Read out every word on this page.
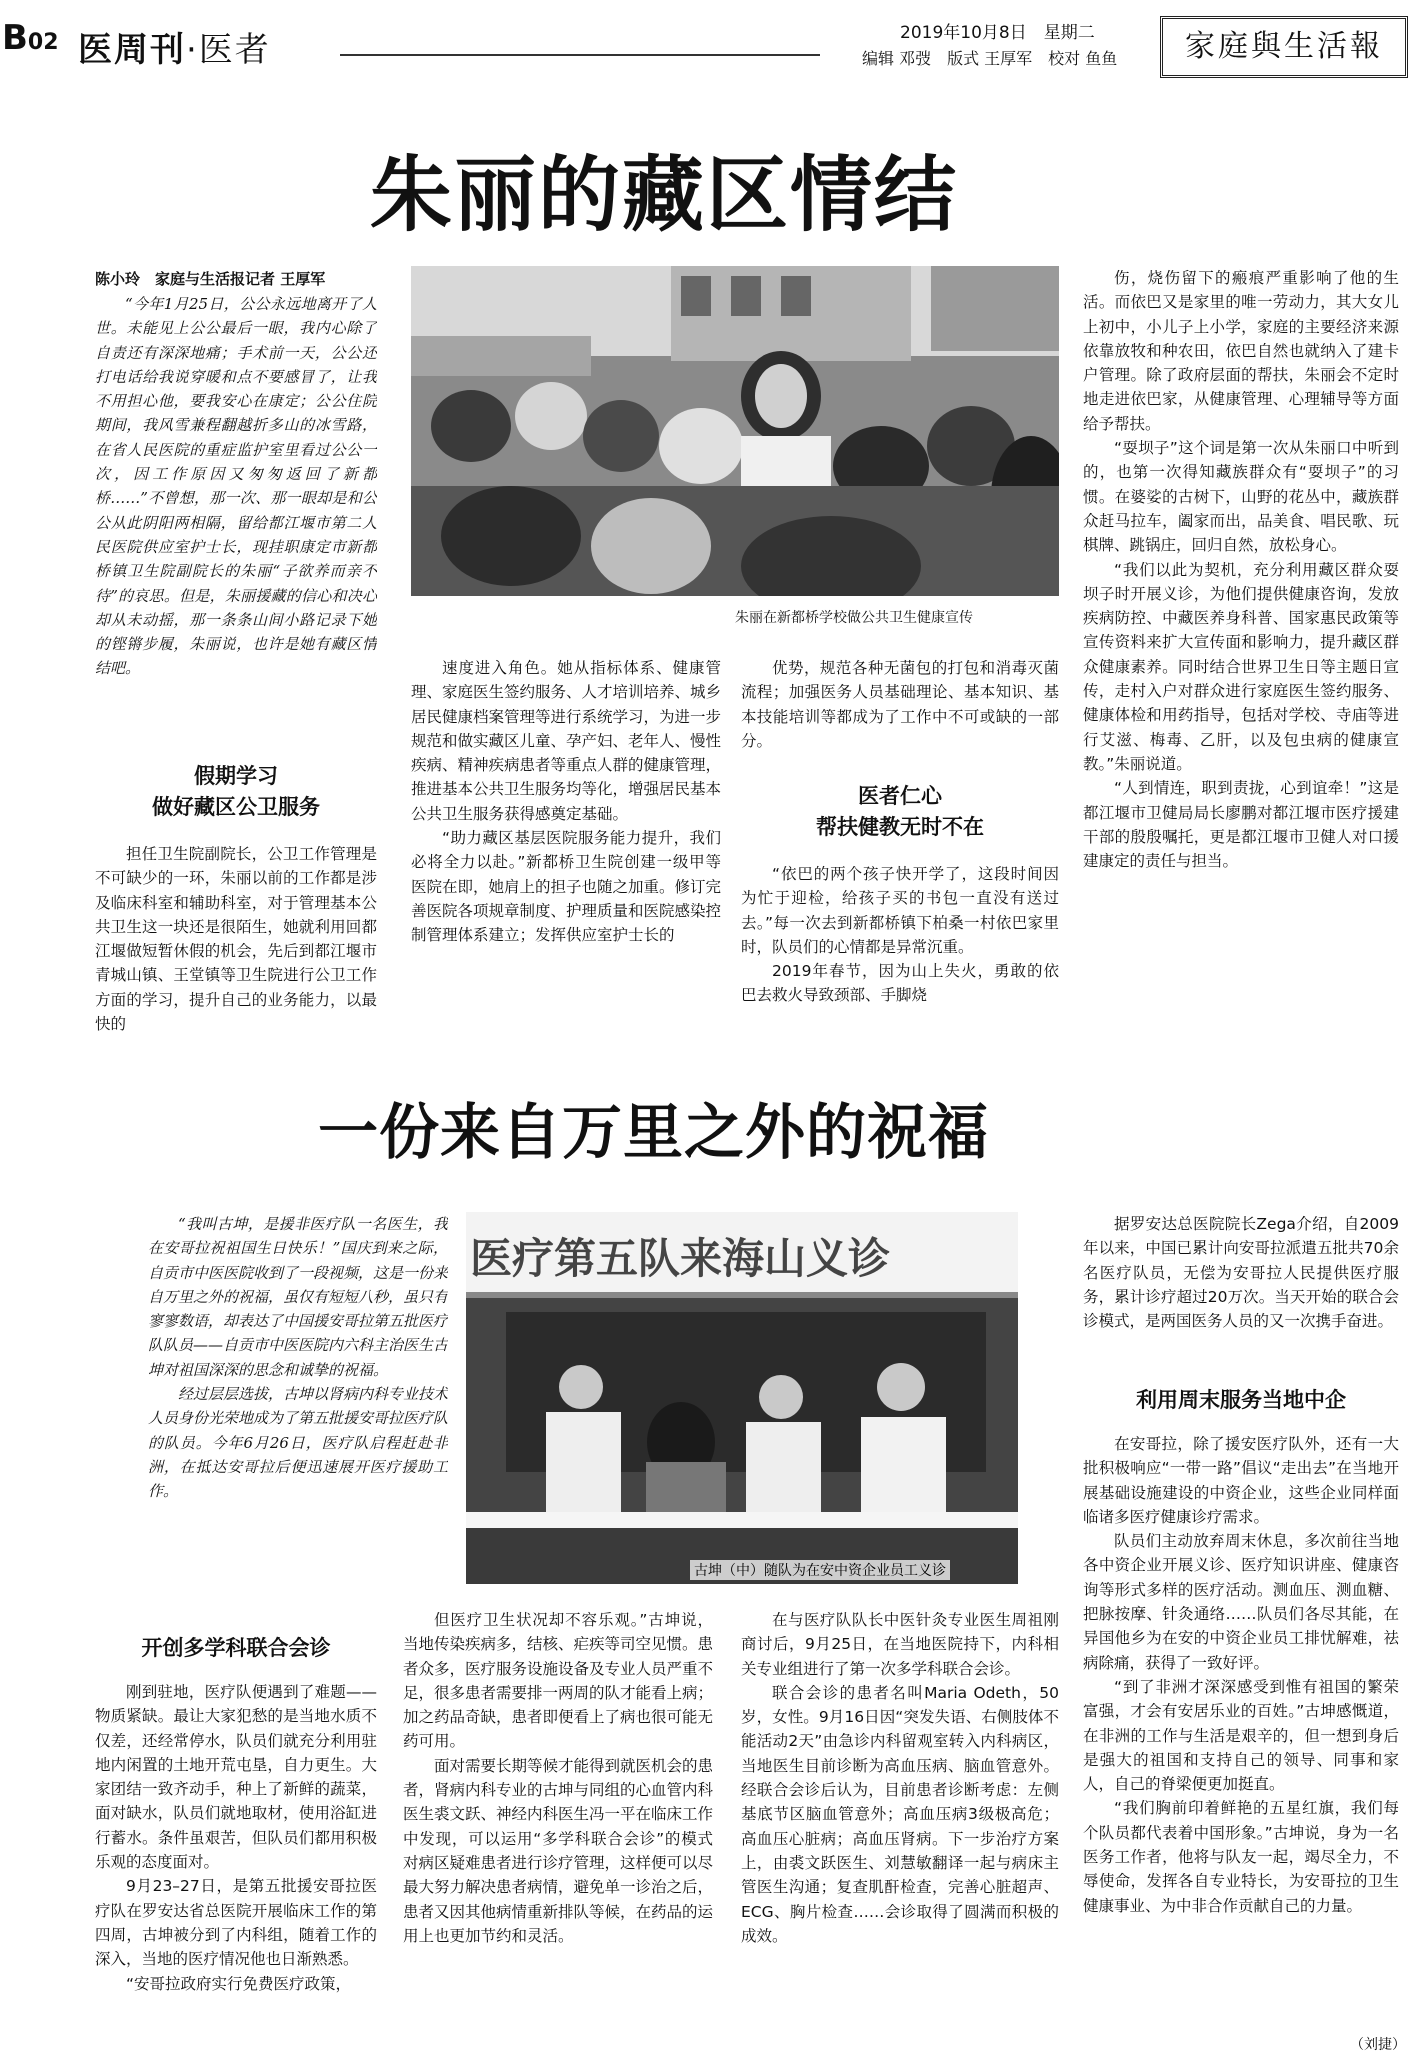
B02 医周刊·医者	2019年10月8日　星期二
编辑 邓弢　版式 王厚军　校对 鱼鱼	家庭與生活報
朱丽的藏区情结
陈小玲　家庭与生活报记者 王厚军

“今年1月25日，公公永远地离开了人世。未能见上公公最后一眼，我内心除了自责还有深深地痛；手术前一天，公公还打电话给我说穿暖和点不要感冒了，让我不用担心他，要我安心在康定；公公住院期间，我风雪兼程翻越折多山的冰雪路，在省人民医院的重症监护室里看过公公一次，因工作原因又匆匆返回了新都桥……”不曾想，那一次、那一眼却是和公公从此阴阳两相隔，留给都江堰市第二人民医院供应室护士长，现挂职康定市新都桥镇卫生院副院长的朱丽“子欲养而亲不待”的哀思。但是，朱丽援藏的信心和决心却从未动摇，那一条条山间小路记录下她的铿锵步履，朱丽说，也许是她有藏区情结吧。

假期学习
做好藏区公卫服务

担任卫生院副院长，公卫工作管理是不可缺少的一环，朱丽以前的工作都是涉及临床科室和辅助科室，对于管理基本公共卫生这一块还是很陌生，她就利用回都江堰做短暂休假的机会，先后到都江堰市青城山镇、王堂镇等卫生院进行公卫工作方面的学习，提升自己的业务能力，以最快的

朱丽在新都桥学校做公共卫生健康宣传

速度进入角色。她从指标体系、健康管理、家庭医生签约服务、人才培训培养、城乡居民健康档案管理等进行系统学习，为进一步规范和做实藏区儿童、孕产妇、老年人、慢性疾病、精神疾病患者等重点人群的健康管理，推进基本公共卫生服务均等化，增强居民基本公共卫生服务获得感奠定基础。

“助力藏区基层医院服务能力提升，我们必将全力以赴。”新都桥卫生院创建一级甲等医院在即，她肩上的担子也随之加重。修订完善医院各项规章制度、护理质量和医院感染控制管理体系建立；发挥供应室护士长的

优势，规范各种无菌包的打包和消毒灭菌流程；加强医务人员基础理论、基本知识、基本技能培训等都成为了工作中不可或缺的一部分。

医者仁心
帮扶健教无时不在

“依巴的两个孩子快开学了，这段时间因为忙于迎检，给孩子买的书包一直没有送过去。”每一次去到新都桥镇下柏桑一村依巴家里时，队员们的心情都是异常沉重。

2019年春节，因为山上失火，勇敢的依巴去救火导致颈部、手脚烧

伤，烧伤留下的瘢痕严重影响了他的生活。而依巴又是家里的唯一劳动力，其大女儿上初中，小儿子上小学，家庭的主要经济来源依靠放牧和种农田，依巴自然也就纳入了建卡户管理。除了政府层面的帮扶，朱丽会不定时地走进依巴家，从健康管理、心理辅导等方面给予帮扶。

“耍坝子”这个词是第一次从朱丽口中听到的，也第一次得知藏族群众有“耍坝子”的习惯。在婆娑的古树下，山野的花丛中，藏族群众赶马拉车，阖家而出，品美食、唱民歌、玩棋牌、跳锅庄，回归自然，放松身心。

“我们以此为契机，充分利用藏区群众耍坝子时开展义诊，为他们提供健康咨询，发放疾病防控、中藏医养身科普、国家惠民政策等宣传资料来扩大宣传面和影响力，提升藏区群众健康素养。同时结合世界卫生日等主题日宣传，走村入户对群众进行家庭医生签约服务、健康体检和用药指导，包括对学校、寺庙等进行艾滋、梅毒、乙肝，以及包虫病的健康宣教。”朱丽说道。

“人到情连，职到责拢，心到谊牵！”这是都江堰市卫健局局长廖鹏对都江堰市医疗援建干部的殷殷嘱托，更是都江堰市卫健人对口援建康定的责任与担当。

一份来自万里之外的祝福

“我叫古坤，是援非医疗队一名医生，我在安哥拉祝祖国生日快乐！”国庆到来之际，自贡市中医医院收到了一段视频，这是一份来自万里之外的祝福，虽仅有短短八秒，虽只有寥寥数语，却表达了中国援安哥拉第五批医疗队队员——自贡市中医医院内六科主治医生古坤对祖国深深的思念和诚挚的祝福。

经过层层选拔，古坤以肾病内科专业技术人员身份光荣地成为了第五批援安哥拉医疗队的队员。今年6月26日，医疗队启程赶赴非洲，在抵达安哥拉后便迅速展开医疗援助工作。

医疗第五队来海山义诊
古坤（中）随队为在安中资企业员工义诊

据罗安达总医院院长Zega介绍，自2009年以来，中国已累计向安哥拉派遣五批共70余名医疗队员，无偿为安哥拉人民提供医疗服务，累计诊疗超过20万次。当天开始的联合会诊模式，是两国医务人员的又一次携手奋进。

利用周末服务当地中企

在安哥拉，除了援安医疗队外，还有一大批积极响应“一带一路”倡议“走出去”在当地开展基础设施建设的中资企业，这些企业同样面临诸多医疗健康诊疗需求。

队员们主动放弃周末休息，多次前往当地各中资企业开展义诊、医疗知识讲座、健康咨询等形式多样的医疗活动。测血压、测血糖、把脉按摩、针灸通络……队员们各尽其能，在异国他乡为在安的中资企业员工排忧解难，祛病除痛，获得了一致好评。

“到了非洲才深深感受到惟有祖国的繁荣富强，才会有安居乐业的百姓。”古坤感慨道，在非洲的工作与生活是艰辛的，但一想到身后是强大的祖国和支持自己的领导、同事和家人，自己的脊梁便更加挺直。

“我们胸前印着鲜艳的五星红旗，我们每个队员都代表着中国形象。”古坤说，身为一名医务工作者，他将与队友一起，竭尽全力，不辱使命，发挥各自专业特长，为安哥拉的卫生健康事业、为中非合作贡献自己的力量。

（刘捷）
开创多学科联合会诊

刚到驻地，医疗队便遇到了难题——物质紧缺。最让大家犯愁的是当地水质不仅差，还经常停水，队员们就充分利用驻地内闲置的土地开荒屯垦，自力更生。大家团结一致齐动手，种上了新鲜的蔬菜，面对缺水，队员们就地取材，使用浴缸进行蓄水。条件虽艰苦，但队员们都用积极乐观的态度面对。

9月23–27日，是第五批援安哥拉医疗队在罗安达省总医院开展临床工作的第四周，古坤被分到了内科组，随着工作的深入，当地的医疗情况他也日渐熟悉。

“安哥拉政府实行免费医疗政策，

但医疗卫生状况却不容乐观。”古坤说，当地传染疾病多，结核、疟疾等司空见惯。患者众多，医疗服务设施设备及专业人员严重不足，很多患者需要排一两周的队才能看上病；加之药品奇缺，患者即便看上了病也很可能无药可用。

面对需要长期等候才能得到就医机会的患者，肾病内科专业的古坤与同组的心血管内科医生裘文跃、神经内科医生冯一平在临床工作中发现，可以运用“多学科联合会诊”的模式对病区疑难患者进行诊疗管理，这样便可以尽最大努力解决患者病情，避免单一诊治之后，患者又因其他病情重新排队等候，在药品的运用上也更加节约和灵活。

在与医疗队队长中医针灸专业医生周祖刚商讨后，9月25日，在当地医院持下，内科相关专业组进行了第一次多学科联合会诊。

联合会诊的患者名叫Maria Odeth，50岁，女性。9月16日因“突发失语、右侧肢体不能活动2天”由急诊内科留观室转入内科病区，当地医生目前诊断为高血压病、脑血管意外。经联合会诊后认为，目前患者诊断考虑：左侧基底节区脑血管意外；高血压病3级极高危；高血压心脏病；高血压肾病。下一步治疗方案上，由裘文跃医生、刘慧敏翻译一起与病床主管医生沟通；复查肌酐检查，完善心脏超声、ECG、胸片检查……会诊取得了圆满而积极的成效。
